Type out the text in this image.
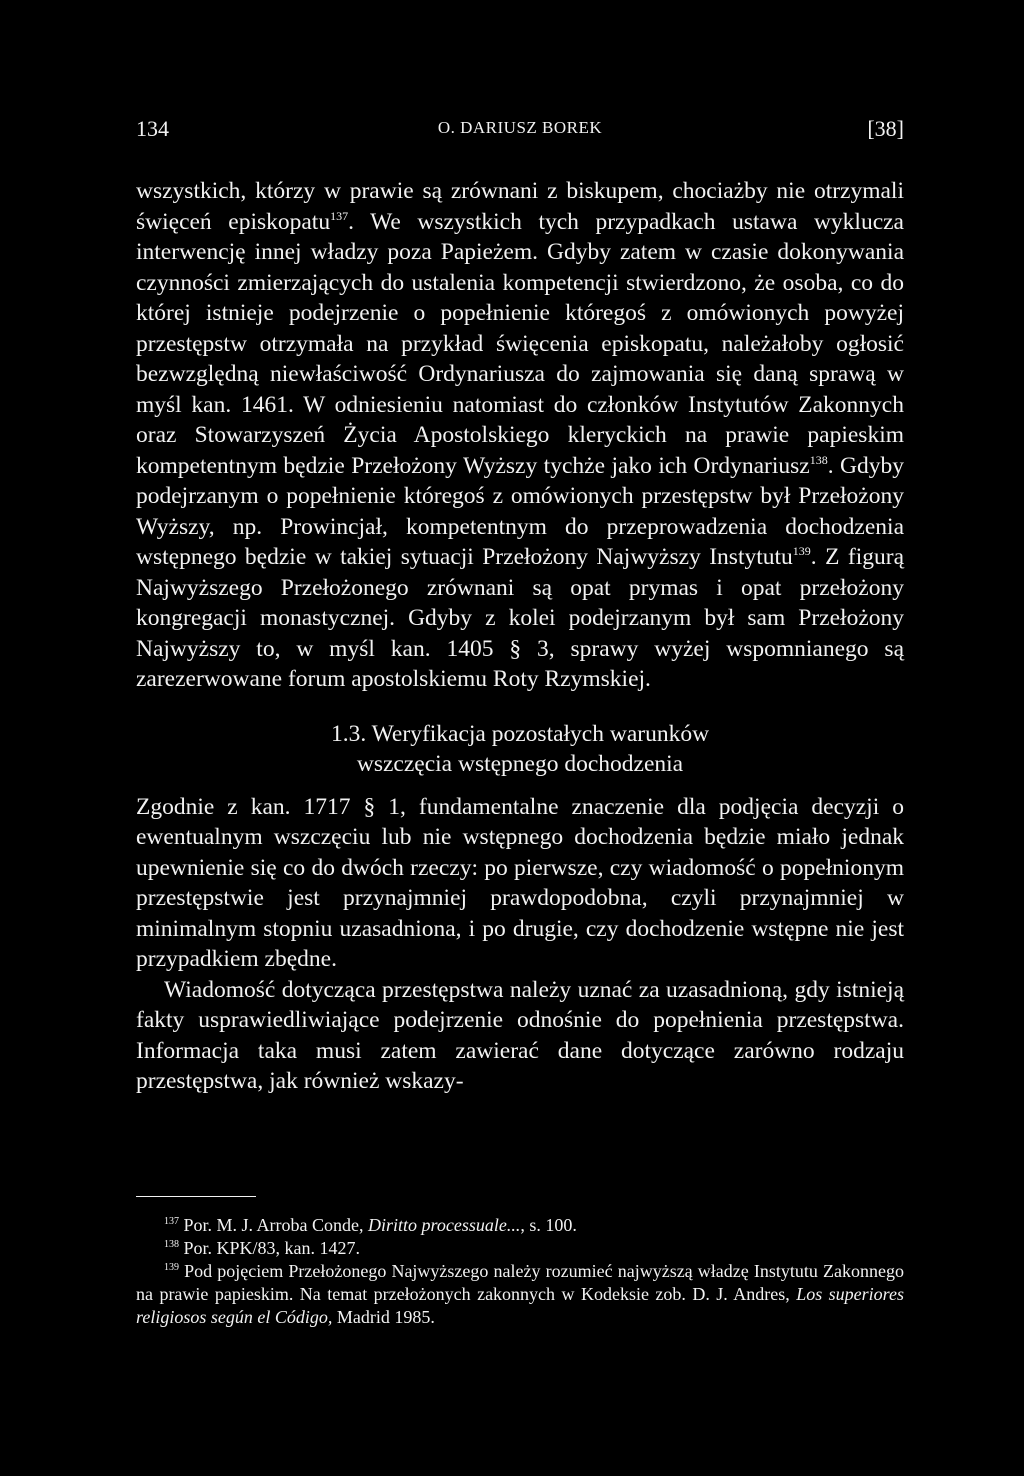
134	O. DARIUSZ BOREK	[38]

wszystkich, którzy w prawie są zrównani z biskupem, chociażby nie otrzymali święceń episkopatu$^{137}$. We wszystkich tych przypadkach ustawa wyklucza interwencję innej władzy poza Papieżem. Gdyby zatem w czasie dokonywania czynności zmierzających do ustalenia kompetencji stwierdzono, że osoba, co do której istnieje podejrzenie o popełnienie któregoś z omówionych powyżej przestępstw otrzymała na przykład święcenia episkopatu, należałoby ogłosić bezwzględną niewłaściwość Ordynariusza do zajmowania się daną sprawą w myśl kan. 1461. W odniesieniu natomiast do członków Instytutów Zakonnych oraz Stowarzyszeń Życia Apostolskiego kleryckich na prawie papieskim kompetentnym będzie Przełożony Wyższy tychże jako ich Ordynariusz$^{138}$. Gdyby podejrzanym o popełnienie któregoś z omówionych przestępstw był Przełożony Wyższy, np. Prowincjał, kompetentnym do przeprowadzenia dochodzenia wstępnego będzie w takiej sytuacji Przełożony Najwyższy Instytutu$^{139}$. Z figurą Najwyższego Przełożonego zrównani są opat prymas i opat przełożony kongregacji monastycznej. Gdyby z kolei podejrzanym był sam Przełożony Najwyższy to, w myśl kan. 1405 § 3, sprawy wyżej wspomnianego są zarezerwowane forum apostolskiemu Roty Rzymskiej.

1.3. Weryfikacja pozostałych warunków
wszczęcia wstępnego dochodzenia

Zgodnie z kan. 1717 § 1, fundamentalne znaczenie dla podjęcia decyzji o ewentualnym wszczęciu lub nie wstępnego dochodzenia będzie miało jednak upewnienie się co do dwóch rzeczy: po pierwsze, czy wiadomość o popełnionym przestępstwie jest przynajmniej prawdopodobna, czyli przynajmniej w minimalnym stopniu uzasadniona, i po drugie, czy dochodzenie wstępne nie jest przypadkiem zbędne.

Wiadomość dotycząca przestępstwa należy uznać za uzasadnioną, gdy istnieją fakty usprawiedliwiające podejrzenie odnośnie do popełnienia przestępstwa. Informacja taka musi zatem zawierać dane dotyczące zarówno rodzaju przestępstwa, jak również wskazy-

$^{137}$ Por. M. J. Arroba Conde, Diritto processuale..., s. 100.

$^{138}$ Por. KPK/83, kan. 1427.

$^{139}$ Pod pojęciem Przełożonego Najwyższego należy rozumieć najwyższą władzę Instytutu Zakonnego na prawie papieskim. Na temat przełożonych zakonnych w Kodeksie zob. D. J. Andres, Los superiores religiosos según el Código, Madrid 1985.
